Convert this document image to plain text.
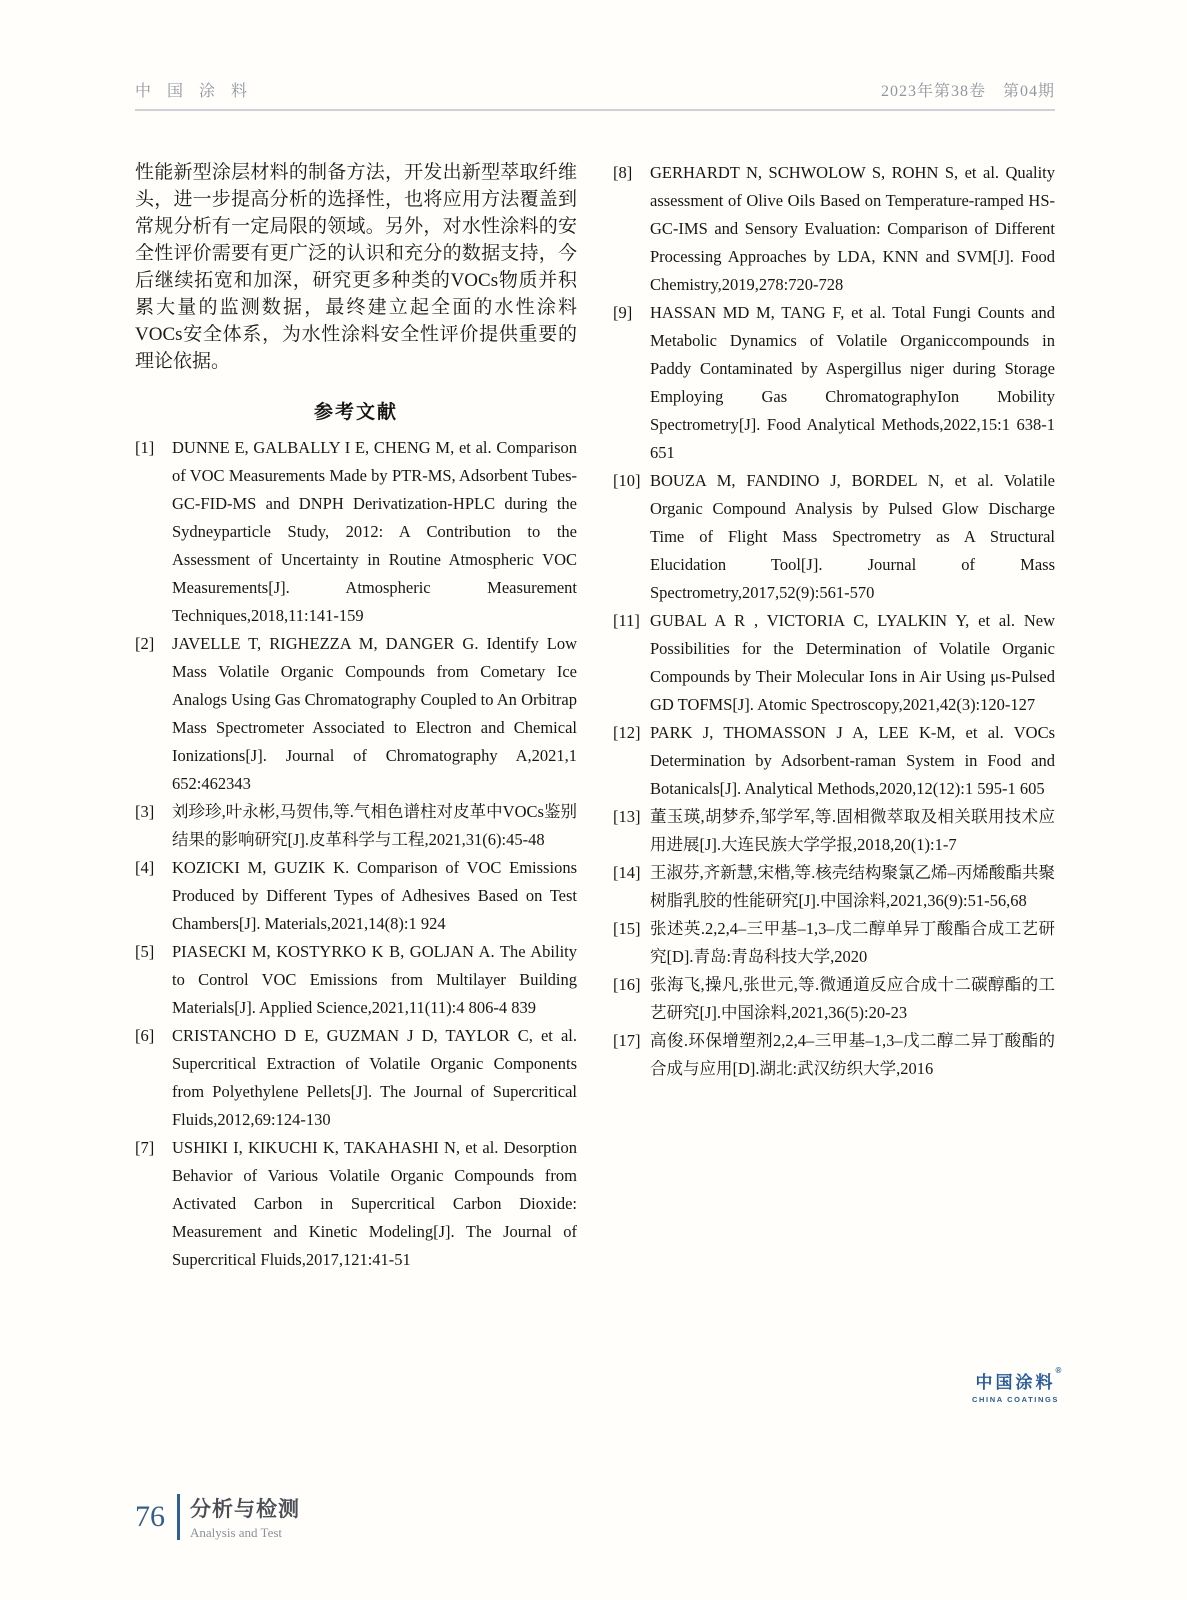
中 国 涂 料	2023年第38卷　第04期
性能新型涂层材料的制备方法，开发出新型萃取纤维头，进一步提高分析的选择性，也将应用方法覆盖到常规分析有一定局限的领域。另外，对水性涂料的安全性评价需要有更广泛的认识和充分的数据支持，今后继续拓宽和加深，研究更多种类的VOCs物质并积累大量的监测数据，最终建立起全面的水性涂料VOCs安全体系，为水性涂料安全性评价提供重要的理论依据。
参考文献
[1]	DUNNE E, GALBALLY I E, CHENG M, et al. Comparison of VOC Measurements Made by PTR-MS, Adsorbent Tubes-GC-FID-MS and DNPH Derivatization-HPLC during the Sydneyparticle Study, 2012: A Contribution to the Assessment of Uncertainty in Routine Atmospheric VOC Measurements[J]. Atmospheric Measurement Techniques,2018,11:141-159
[2]	JAVELLE T, RIGHEZZA M, DANGER G. Identify Low Mass Volatile Organic Compounds from Cometary Ice Analogs Using Gas Chromatography Coupled to An Orbitrap Mass Spectrometer Associated to Electron and Chemical Ionizations[J]. Journal of Chromatography A,2021,1 652:462343
[3]	刘珍珍,叶永彬,马贺伟,等.气相色谱柱对皮革中VOCs鉴别结果的影响研究[J].皮革科学与工程,2021,31(6):45-48
[4]	KOZICKI M, GUZIK K. Comparison of VOC Emissions Produced by Different Types of Adhesives Based on Test Chambers[J]. Materials,2021,14(8):1 924
[5]	PIASECKI M, KOSTYRKO K B, GOLJAN A. The Ability to Control VOC Emissions from Multilayer Building Materials[J]. Applied Science,2021,11(11):4 806-4 839
[6]	CRISTANCHO D E, GUZMAN J D, TAYLOR C, et al. Supercritical Extraction of Volatile Organic Components from Polyethylene Pellets[J]. The Journal of Supercritical Fluids,2012,69:124-130
[7]	USHIKI I, KIKUCHI K, TAKAHASHI N, et al. Desorption Behavior of Various Volatile Organic Compounds from Activated Carbon in Supercritical Carbon Dioxide: Measurement and Kinetic Modeling[J]. The Journal of Supercritical Fluids,2017,121:41-51
[8]	GERHARDT N, SCHWOLOW S, ROHN S, et al. Quality assessment of Olive Oils Based on Temperature-ramped HS-GC-IMS and Sensory Evaluation: Comparison of Different Processing Approaches by LDA, KNN and SVM[J]. Food Chemistry,2019,278:720-728
[9]	HASSAN MD M, TANG F, et al. Total Fungi Counts and Metabolic Dynamics of Volatile Organiccompounds in Paddy Contaminated by Aspergillus niger during Storage Employing Gas ChromatographyIon Mobility Spectrometry[J]. Food Analytical Methods,2022,15:1 638-1 651
[10] BOUZA M, FANDINO J, BORDEL N, et al. Volatile Organic Compound Analysis by Pulsed Glow Discharge Time of Flight Mass Spectrometry as A Structural Elucidation Tool[J]. Journal of Mass Spectrometry,2017,52(9):561-570
[11] GUBAL A R , VICTORIA C, LYALKIN Y, et al. New Possibilities for the Determination of Volatile Organic Compounds by Their Molecular Ions in Air Using μs-Pulsed GD TOFMS[J]. Atomic Spectroscopy,2021,42(3):120-127
[12] PARK J, THOMASSON J A, LEE K-M, et al. VOCs Determination by Adsorbent-raman System in Food and Botanicals[J]. Analytical Methods,2020,12(12):1 595-1 605
[13] 董玉瑛,胡梦乔,邹学军,等.固相微萃取及相关联用技术应用进展[J].大连民族大学学报,2018,20(1):1-7
[14] 王淑芬,齐新慧,宋楷,等.核壳结构聚氯乙烯–丙烯酸酯共聚树脂乳胶的性能研究[J].中国涂料,2021,36(9):51-56,68
[15] 张述英.2,2,4–三甲基–1,3–戊二醇单异丁酸酯合成工艺研究[D].青岛:青岛科技大学,2020
[16] 张海飞,操凡,张世元,等.微通道反应合成十二碳醇酯的工艺研究[J].中国涂料,2021,36(5):20-23
[17] 高俊.环保增塑剂2,2,4–三甲基–1,3–戊二醇二异丁酸酯的合成与应用[D].湖北:武汉纺织大学,2016
中国涂料
®
CHINA COATINGS
76 分析与检测
Analysis and Test
